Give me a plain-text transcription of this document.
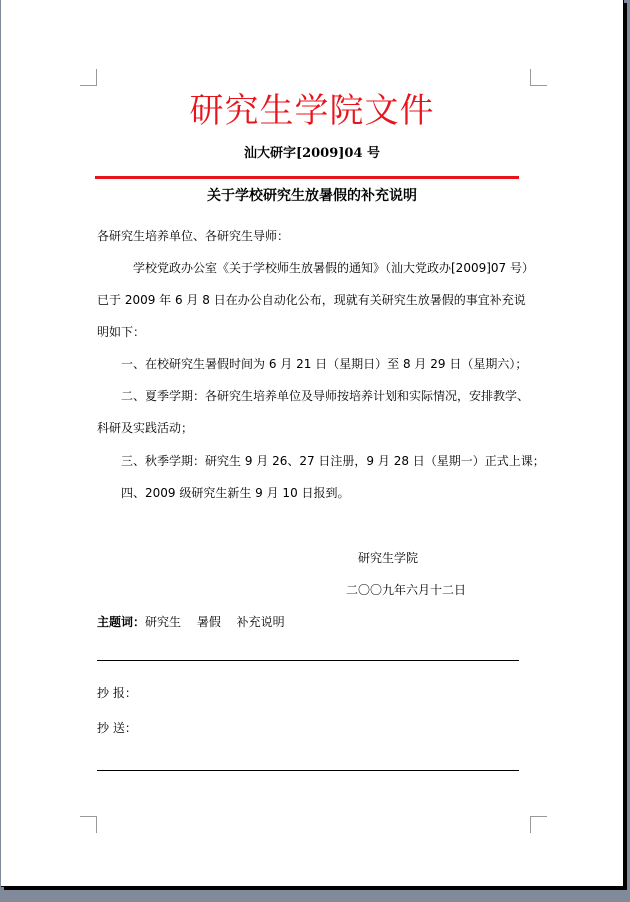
研究生学院文件
汕大研字[2009]04 号
关于学校研究生放暑假的补充说明
各研究生培养单位、各研究生导师：
学校党政办公室《关于学校师生放暑假的通知》（汕大党政办[2009]07 号）
已于 2009 年 6 月 8 日在办公自动化公布，现就有关研究生放暑假的事宜补充说
明如下：
一、在校研究生暑假时间为 6 月 21 日（星期日）至 8 月 29 日（星期六）；
二、夏季学期：各研究生培养单位及导师按培养计划和实际情况，安排教学、
科研及实践活动；
三、秋季学期：研究生 9 月 26、27 日注册，9 月 28 日（星期一）正式上课；
四、2009 级研究生新生 9 月 10 日报到。
研究生学院
二〇〇九年六月十二日
主题词：研究生　 暑假　 补充说明
抄 报：
抄 送：
